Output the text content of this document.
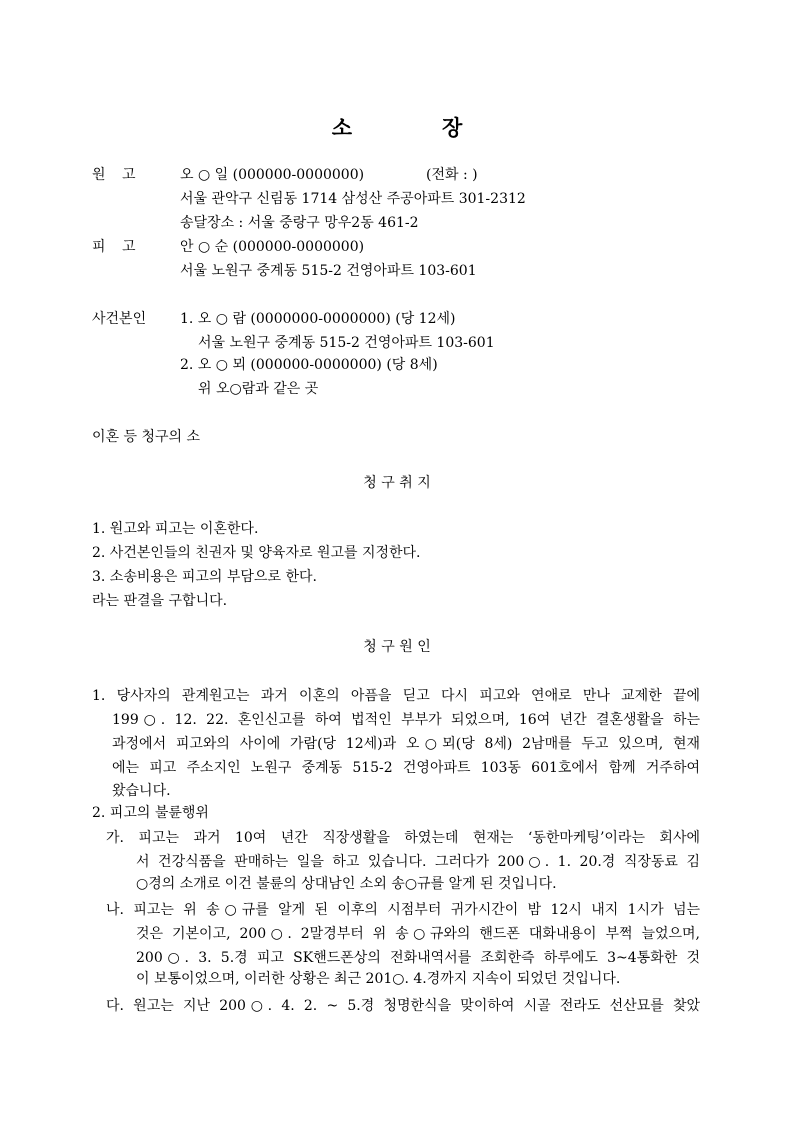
소	장
원 고	오 ○ 일 (000000-0000000)	(전화 : )
서울 관악구 신림동 1714 삼성산 주공아파트 301-2312
송달장소 : 서울 중랑구 망우2동 461-2
피 고	안 ○ 순 (000000-0000000)
서울 노원구 중계동 515-2 건영아파트 103-601
사건본인 1. 오 ○ 람 (0000000-0000000) (당 12세)
서울 노원구 중계동 515-2 건영아파트 103-601
2. 오 ○ 뫼 (000000-0000000) (당 8세)
위 오○람과 같은 곳
이혼 등 청구의 소
청 구 취 지
1. 원고와 피고는 이혼한다.
2. 사건본인들의 친권자 및 양육자로 원고를 지정한다.
3. 소송비용은 피고의 부담으로 한다.
라는 판결을 구합니다.
청 구 원 인
1. 당사자의 관계원고는 과거 이혼의 아픔을 딛고 다시 피고와 연애로 만나 교제한 끝에
199○. 12. 22. 혼인신고를 하여 법적인 부부가 되었으며, 16여 년간 결혼생활을 하는
과정에서 피고와의 사이에 가람(당 12세)과 오○뫼(당 8세) 2남매를 두고 있으며, 현재
에는 피고 주소지인 노원구 중계동 515-2 건영아파트 103동 601호에서 함께 거주하여
왔습니다.
2. 피고의 불륜행위
가. 피고는 과거 10여 년간 직장생활을 하였는데 현재는 ‘동한마케팅’이라는 회사에
서 건강식품을 판매하는 일을 하고 있습니다. 그러다가 200○. 1. 20.경 직장동료 김
○경의 소개로 이건 불륜의 상대남인 소외 송○규를 알게 된 것입니다.
나. 피고는 위 송○규를 알게 된 이후의 시점부터 귀가시간이 밤 12시 내지 1시가 넘는
것은 기본이고, 200○. 2말경부터 위 송○규와의 핸드폰 대화내용이 부쩍 늘었으며,
200○. 3. 5.경 피고 SK핸드폰상의 전화내역서를 조회한즉 하루에도 3~4통화한 것
이 보통이었으며, 이러한 상황은 최근 201○. 4.경까지 지속이 되었던 것입니다.
다. 원고는 지난 200○. 4. 2. ~ 5.경 청명한식을 맞이하여 시골 전라도 선산묘를 찾았
